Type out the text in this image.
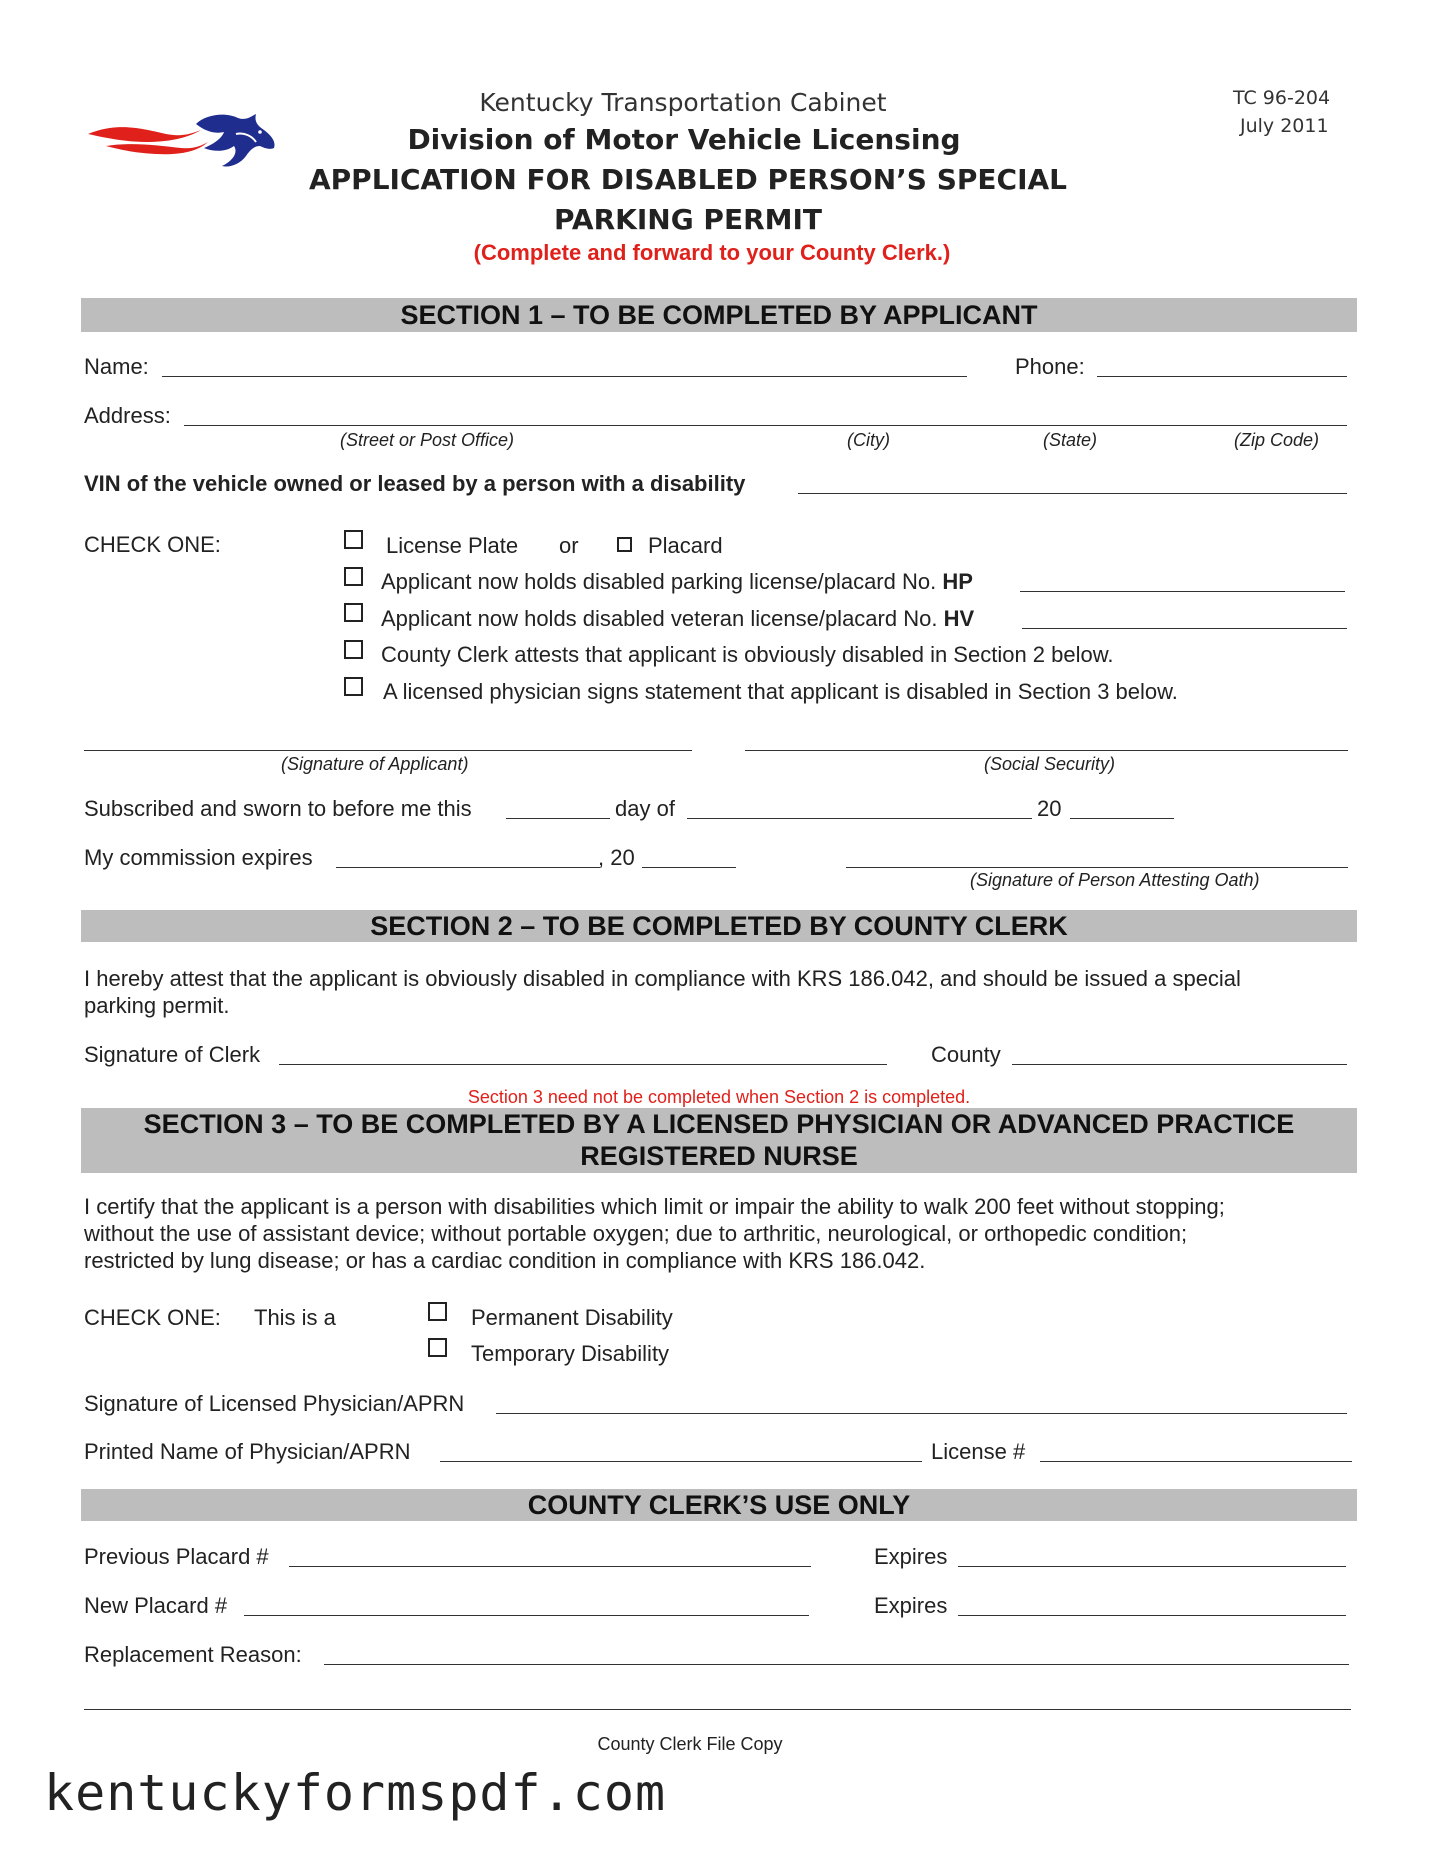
Kentucky Transportation Cabinet
Division of Motor Vehicle Licensing
APPLICATION FOR DISABLED PERSON’S SPECIAL
PARKING PERMIT
(Complete and forward to your County Clerk.)
TC 96-204
July 2011
SECTION 1 – TO BE COMPLETED BY APPLICANT
Name:	Phone:
Address:
(Street or Post Office)	(City)	(State)	(Zip Code)
VIN of the vehicle owned or leased by a person with a disability
CHECK ONE:	License Plate or	Placard
Applicant now holds disabled parking license/placard No. HP
Applicant now holds disabled veteran license/placard No. HV
County Clerk attests that applicant is obviously disabled in Section 2 below.
A licensed physician signs statement that applicant is disabled in Section 3 below.
(Signature of Applicant)	(Social Security)
Subscribed and sworn to before me this	day of	20
My commission expires	, 20
(Signature of Person Attesting Oath)
SECTION 2 – TO BE COMPLETED BY COUNTY CLERK
I hereby attest that the applicant is obviously disabled in compliance with KRS 186.042, and should be issued a special
parking permit.
Signature of Clerk	County
Section 3 need not be completed when Section 2 is completed.
SECTION 3 – TO BE COMPLETED BY A LICENSED PHYSICIAN OR ADVANCED PRACTICE
REGISTERED NURSE
I certify that the applicant is a person with disabilities which limit or impair the ability to walk 200 feet without stopping;
without the use of assistant device; without portable oxygen; due to arthritic, neurological, or orthopedic condition;
restricted by lung disease; or has a cardiac condition in compliance with KRS 186.042.
CHECK ONE: This is a	Permanent Disability
Temporary Disability
Signature of Licensed Physician/APRN
Printed Name of Physician/APRN	License #
COUNTY CLERK’S USE ONLY
Previous Placard #	Expires
New Placard #	Expires
Replacement Reason:
County Clerk File Copy
kentuckyformspdf.com
